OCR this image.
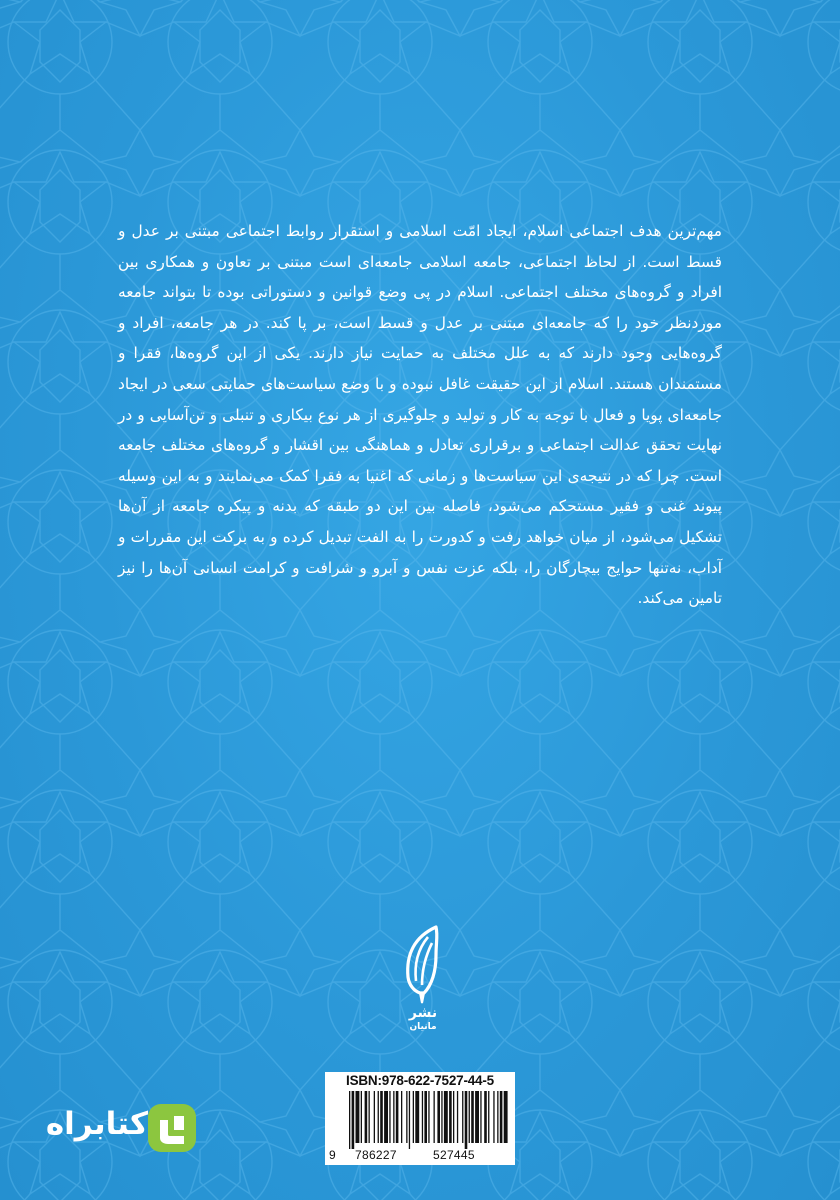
مهم‌ترین هدف اجتماعی اسلام، ایجاد امّت اسلامی و استقرار روابط اجتماعی مبتنی بر عدل و قسط است. از لحاظ اجتماعی، جامعه اسلامی جامعه‌ای است مبتنی بر تعاون و همکاری بین افراد و گروه‌های مختلف اجتماعی. اسلام در پی وضع قوانین و دستوراتی بوده تا بتواند جامعه موردنظر خود را که جامعه‌ای مبتنی بر عدل و قسط است، بر پا کند. در هر جامعه، افراد و گروه‌هایی وجود دارند که به علل مختلف به حمایت نیاز دارند. یکی از این گروه‌ها، فقرا و مستمندان هستند. اسلام از این حقیقت غافل نبوده و با وضع سیاست‌های حمایتی سعی در ایجاد جامعه‌ای پویا و فعال با توجه به کار و تولید و جلوگیری از هر نوع بیکاری و تنبلی و تن‌آسایی و در نهایت تحقق عدالت اجتماعی و برقراری تعادل و هماهنگی بین اقشار و گروه‌های مختلف جامعه است. چرا که در نتیجه‌ی این سیاست‌ها و زمانی که اغنیا به فقرا کمک می‌نمایند و به این وسیله پیوند غنی و فقیر مستحکم می‌شود، فاصله بین این دو طبقه که بدنه و پیکره جامعه از آن‌ها تشکیل می‌شود، از میان خواهد رفت و کدورت را به الفت تبدیل کرده و به برکت این مقررات و آداب، نه‌تنها حوایج بیچارگان را، بلکه عزت نفس و آبرو و شرافت و کرامت انسانی آن‌ها را نیز تامین می‌کند.

نشر
مانیان
ISBN:978-622-7527-44-5
9 786227	527445
کتابراه
